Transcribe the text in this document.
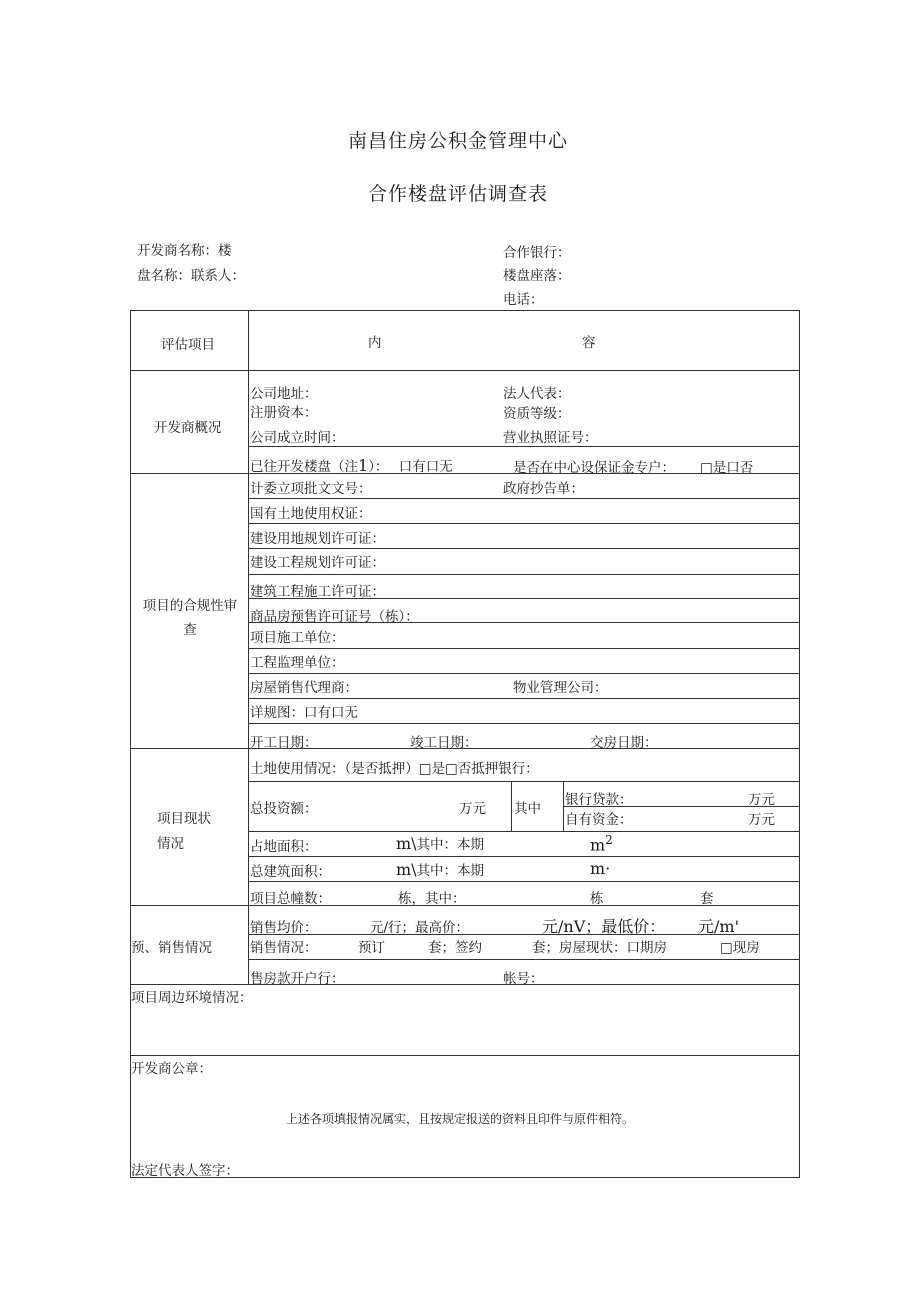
南昌住房公积金管理中心
合作楼盘评估调查表
开发商名称：楼	合作银行：
盘名称：联系人：	楼盘座落：
电话：
评估项目	内	容
开发商概况
公司地址：	法人代表：
注册资本：	资质等级：
公司成立时间：	营业执照证号：
已往开发楼盘（注1）： 口有口无	是否在中心设保证金专户： □是口否
项目的合规性审查
计委立项批文文号：	政府抄告单：
国有土地使用权证：
建设用地规划许可证：
建设工程规划许可证：
建筑工程施工许可证：
商品房预售许可证号（栋）：
项目施工单位：
工程监理单位：
房屋销售代理商：	物业管理公司：
详规图：口有口无
开工日期：	竣工日期：	交房日期：
项目现状
情况
土地使用情况：（是否抵押）□是□否抵押银行：
总投资额：	万元 其中
银行贷款：	万元
自有资金：	万元
占地面积：	m\其中：本期	$m^2$
总建筑面积：	m\其中：本期	m·
项目总幢数：	栋，其中：	栋	套
预、销售情况
销售均价：	元/行；最高价：	元/nV；最低价： 元/m'
销售情况：	预订	套；签约	套；房屋现状：口期房	□现房
售房款开户行：	帐号：
项目周边环境情况：
开发商公章：
上述各项填报情况属实，且按规定报送的资料且印件与原件相符。
法定代表人签字：
